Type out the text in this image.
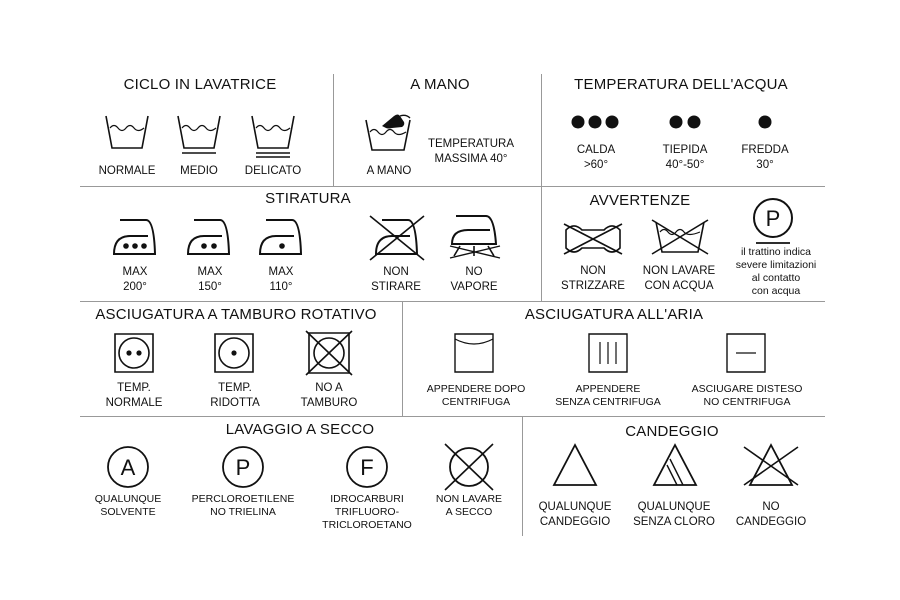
CICLO IN LAVATRICE
NORMALE MEDIO DELICATO
A MANO
A MANO
TEMPERATURA
MASSIMA 40°
TEMPERATURA DELL'ACQUA
CALDA
>60°
TIEPIDA
40°-50°
FREDDA
30°
STIRATURA
MAX
200°
MAX
150°
MAX
110°
NON
STIRARE
NO
VAPORE
AVVERTENZE
P
NON
STRIZZARE
NON LAVARE
CON ACQUA
il trattino indica
severe limitazioni
al contatto
con acqua
ASCIUGATURA A TAMBURO ROTATIVO
TEMP.
NORMALE
TEMP.
RIDOTTA
NO A
TAMBURO
ASCIUGATURA ALL'ARIA
APPENDERE DOPO
CENTRIFUGA
APPENDERE
SENZA CENTRIFUGA
ASCIUGARE DISTESO
NO CENTRIFUGA
LAVAGGIO A SECCO
A	P	F
QUALUNQUE
SOLVENTE
PERCLOROETILENE
NO TRIELINA
IDROCARBURI
TRIFLUORO-
TRICLOROETANO
NON LAVARE
A SECCO
CANDEGGIO
QUALUNQUE
CANDEGGIO
QUALUNQUE
SENZA CLORO
NO
CANDEGGIO
